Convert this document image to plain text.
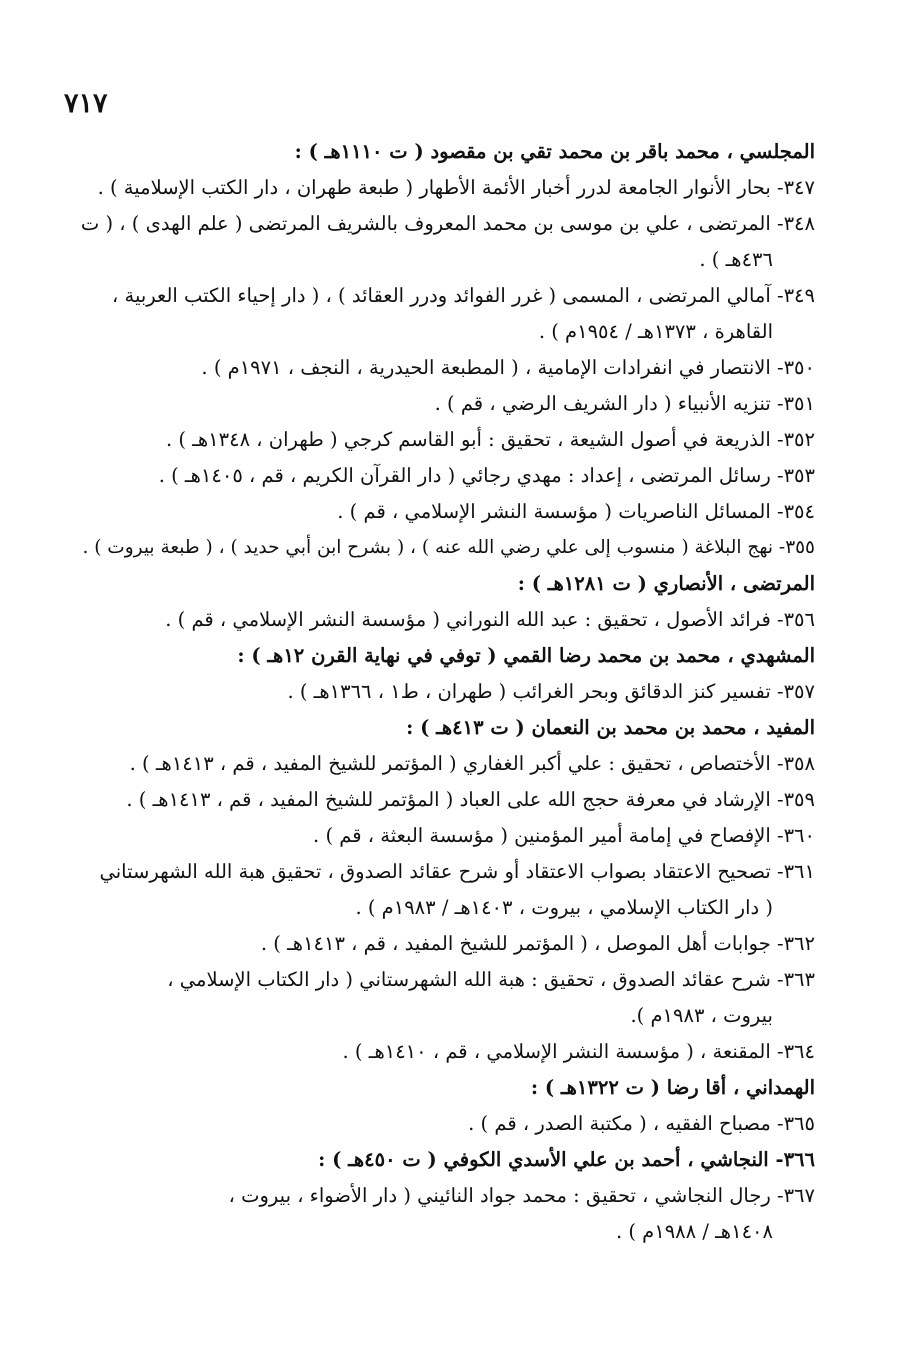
٧١٧

المجلسي ، محمد باقر بن محمد تقي بن مقصود ( ت ١١١٠هـ ) :

٣٤٧- بحار الأنوار الجامعة لدرر أخبار الأئمة الأطهار ( طبعة طهران ، دار الكتب الإسلامية ) .

٣٤٨- المرتضى ، علي بن موسى بن محمد المعروف بالشريف المرتضى ( علم الهدى ) ، ( ت

٤٣٦هـ ) .

٣٤٩- آمالي المرتضى ، المسمى ( غرر الفوائد ودرر العقائد ) ، ( دار إحياء الكتب العربية ،

القاهرة ، ١٣٧٣هـ / ١٩٥٤م ) .

٣٥٠- الانتصار في انفرادات الإمامية ، ( المطبعة الحيدرية ، النجف ، ١٩٧١م ) .

٣٥١- تنزيه الأنبياء ( دار الشريف الرضي ، قم ) .

٣٥٢- الذريعة في أصول الشيعة ، تحقيق : أبو القاسم كرجي ( طهران ، ١٣٤٨هـ ) .

٣٥٣- رسائل المرتضى ، إعداد : مهدي رجائي ( دار القرآن الكريم ، قم ، ١٤٠٥هـ ) .

٣٥٤- المسائل الناصريات ( مؤسسة النشر الإسلامي ، قم ) .

٣٥٥- نهج البلاغة ( منسوب إلى علي رضي الله عنه ) ، ( بشرح ابن أبي حديد ) ، ( طبعة بيروت ) .

المرتضى ، الأنصاري ( ت ١٢٨١هـ ) :

٣٥٦- فرائد الأصول ، تحقيق : عبد الله النوراني ( مؤسسة النشر الإسلامي ، قم ) .

المشهدي ، محمد بن محمد رضا القمي ( توفي في نهاية القرن ١٢هـ ) :

٣٥٧- تفسير كنز الدقائق وبحر الغرائب ( طهران ، ط١ ، ١٣٦٦هـ ) .

المفيد ، محمد بن محمد بن النعمان ( ت ٤١٣هـ ) :

٣٥٨- الأختصاص ، تحقيق : علي أكبر الغفاري ( المؤتمر للشيخ المفيد ، قم ، ١٤١٣هـ ) .

٣٥٩- الإرشاد في معرفة حجج الله على العباد ( المؤتمر للشيخ المفيد ، قم ، ١٤١٣هـ ) .

٣٦٠- الإفصاح في إمامة أمير المؤمنين ( مؤسسة البعثة ، قم ) .

٣٦١- تصحيح الاعتقاد بصواب الاعتقاد أو شرح عقائد الصدوق ، تحقيق هبة الله الشهرستاني

( دار الكتاب الإسلامي ، بيروت ، ١٤٠٣هـ / ١٩٨٣م ) .

٣٦٢- جوابات أهل الموصل ، ( المؤتمر للشيخ المفيد ، قم ، ١٤١٣هـ ) .

٣٦٣- شرح عقائد الصدوق ، تحقيق : هبة الله الشهرستاني ( دار الكتاب الإسلامي ،

بيروت ، ١٩٨٣م ).

٣٦٤- المقنعة ، ( مؤسسة النشر الإسلامي ، قم ، ١٤١٠هـ ) .

الهمداني ، أقا رضا ( ت ١٣٢٢هـ ) :

٣٦٥- مصباح الفقيه ، ( مكتبة الصدر ، قم ) .

٣٦٦- النجاشي ، أحمد بن علي الأسدي الكوفي ( ت ٤٥٠هـ ) :

٣٦٧- رجال النجاشي ، تحقيق : محمد جواد النائيني ( دار الأضواء ، بيروت ،

١٤٠٨هـ / ١٩٨٨م ) .
